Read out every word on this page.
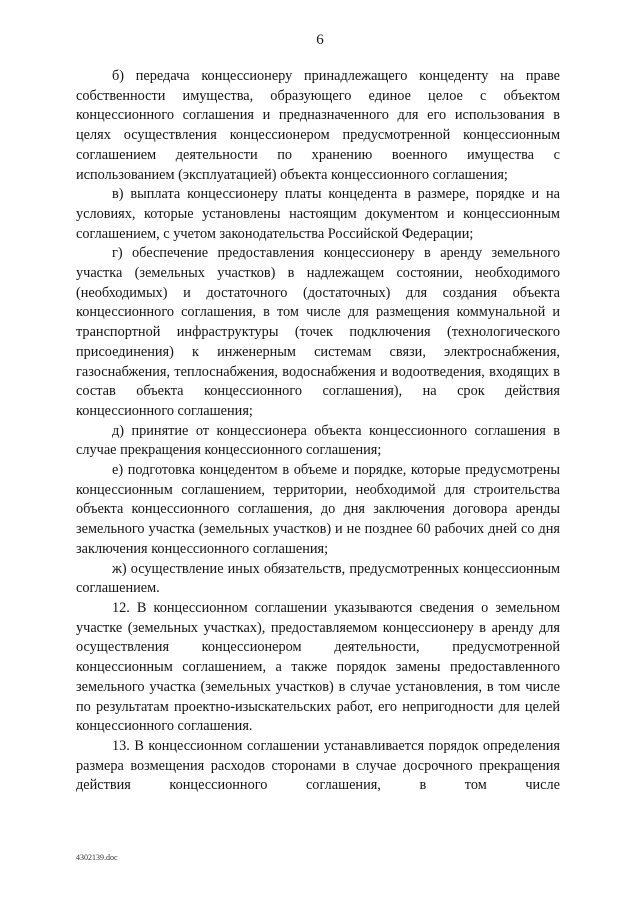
6

б) передача концессионеру принадлежащего концеденту на праве собственности имущества, образующего единое целое с объектом концессионного соглашения и предназначенного для его использования в целях осуществления концессионером предусмотренной концессионным соглашением деятельности по хранению военного имущества с использованием (эксплуатацией) объекта концессионного соглашения;

в) выплата концессионеру платы концедента в размере, порядке и на условиях, которые установлены настоящим документом и концессионным соглашением, с учетом законодательства Российской Федерации;

г) обеспечение предоставления концессионеру в аренду земельного участка (земельных участков) в надлежащем состоянии, необходимого (необходимых) и достаточного (достаточных) для создания объекта концессионного соглашения, в том числе для размещения коммунальной и транспортной инфраструктуры (точек подключения (технологического присоединения) к инженерным системам связи, электроснабжения, газоснабжения, теплоснабжения, водоснабжения и водоотведения, входящих в состав объекта концессионного соглашения), на срок действия концессионного соглашения;

д) принятие от концессионера объекта концессионного соглашения в случае прекращения концессионного соглашения;

е) подготовка концедентом в объеме и порядке, которые предусмотрены концессионным соглашением, территории, необходимой для строительства объекта концессионного соглашения, до дня заключения договора аренды земельного участка (земельных участков) и не позднее 60 рабочих дней со дня заключения концессионного соглашения;

ж) осуществление иных обязательств, предусмотренных концессионным соглашением.

12. В концессионном соглашении указываются сведения о земельном участке (земельных участках), предоставляемом концессионеру в аренду для осуществления концессионером деятельности, предусмотренной концессионным соглашением, а также порядок замены предоставленного земельного участка (земельных участков) в случае установления, в том числе по результатам проектно-изыскательских работ, его непригодности для целей концессионного соглашения.

13. В концессионном соглашении устанавливается порядок определения размера возмещения расходов сторонами в случае досрочного прекращения действия концессионного соглашения, в том числе

4302139.doc
